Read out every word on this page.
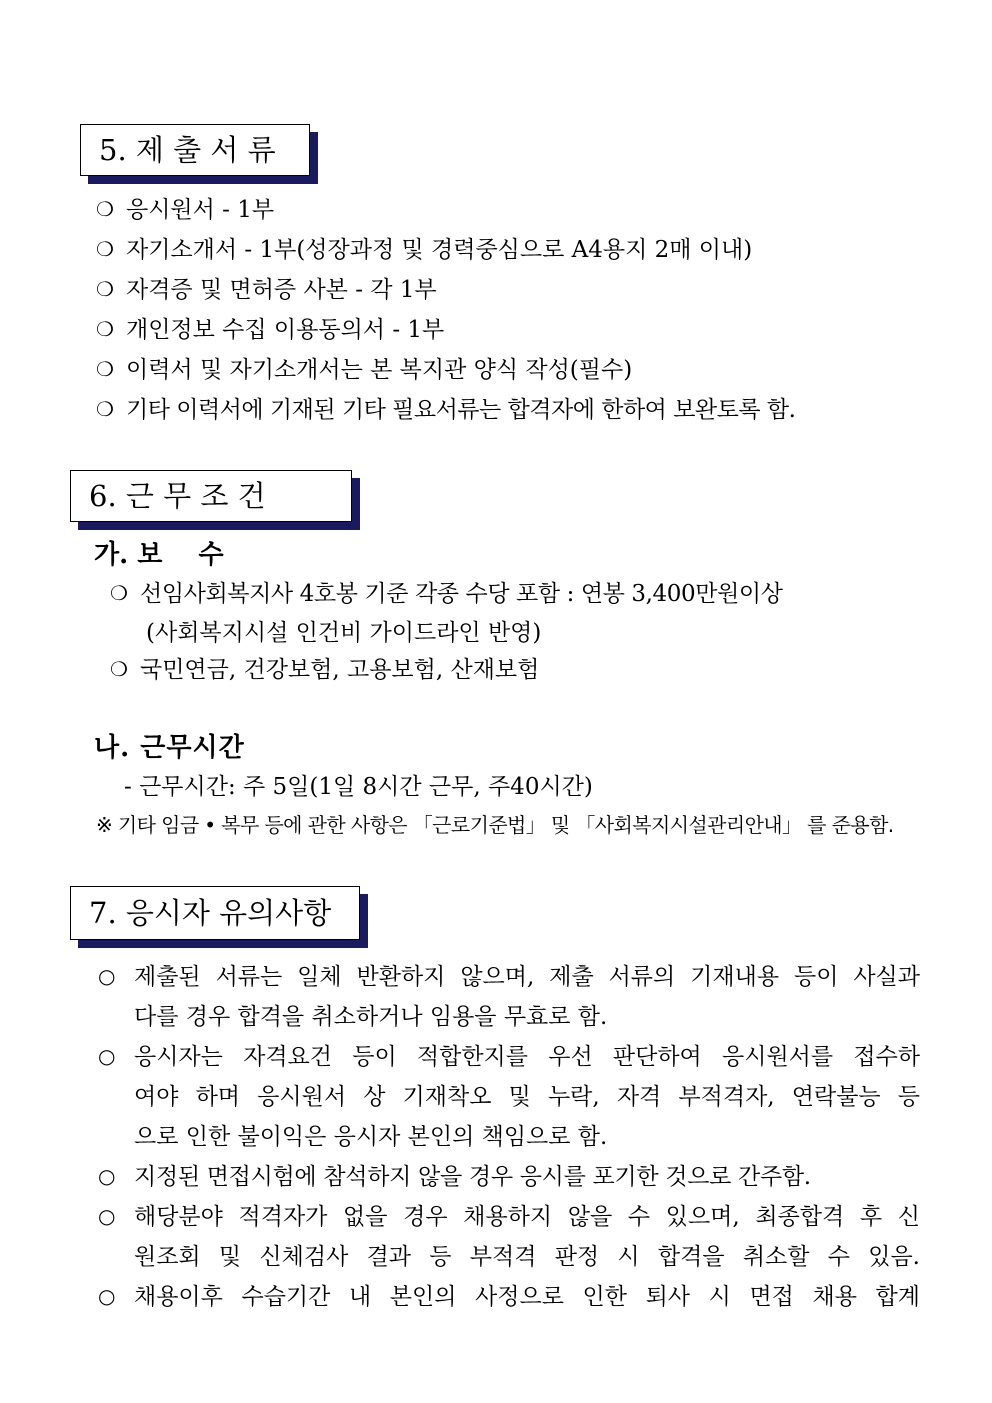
5. 제 출 서 류
❍ 응시원서 - 1부
❍ 자기소개서 - 1부(성장과정 및 경력중심으로 A4용지 2매 이내)
❍ 자격증 및 면허증 사본 - 각 1부
❍ 개인정보 수집 이용동의서 - 1부
❍ 이력서 및 자기소개서는 본 복지관 양식 작성(필수)
❍ 기타 이력서에 기재된 기타 필요서류는 합격자에 한하여 보완토록 함.
6. 근 무 조 건
가. 보    수
❍ 선임사회복지사 4호봉 기준 각종 수당 포함 : 연봉 3,400만원이상
(사회복지시설 인건비 가이드라인 반영)
❍ 국민연금, 건강보험, 고용보험, 산재보험
나. 근무시간
- 근무시간: 주 5일(1일 8시간 근무, 주40시간)
※ 기타 임금 • 복무 등에 관한 사항은 「근로기준법」 및 「사회복지시설관리안내」 를 준용함.
7. 응시자 유의사항
○ 제출된 서류는 일체 반환하지 않으며, 제출 서류의 기재내용 등이 사실과
다를 경우 합격을 취소하거나 임용을 무효로 함.
○ 응시자는 자격요건 등이 적합한지를 우선 판단하여 응시원서를 접수하
여야 하며 응시원서 상 기재착오 및 누락, 자격 부적격자, 연락불능 등
으로 인한 불이익은 응시자 본인의 책임으로 함.
○ 지정된 면접시험에 참석하지 않을 경우 응시를 포기한 것으로 간주함.
○ 해당분야 적격자가 없을 경우 채용하지 않을 수 있으며, 최종합격 후 신
원조회 및 신체검사 결과 등 부적격 판정 시 합격을 취소할 수 있음.
○ 채용이후 수습기간 내 본인의 사정으로 인한 퇴사 시 면접 채용 합계
